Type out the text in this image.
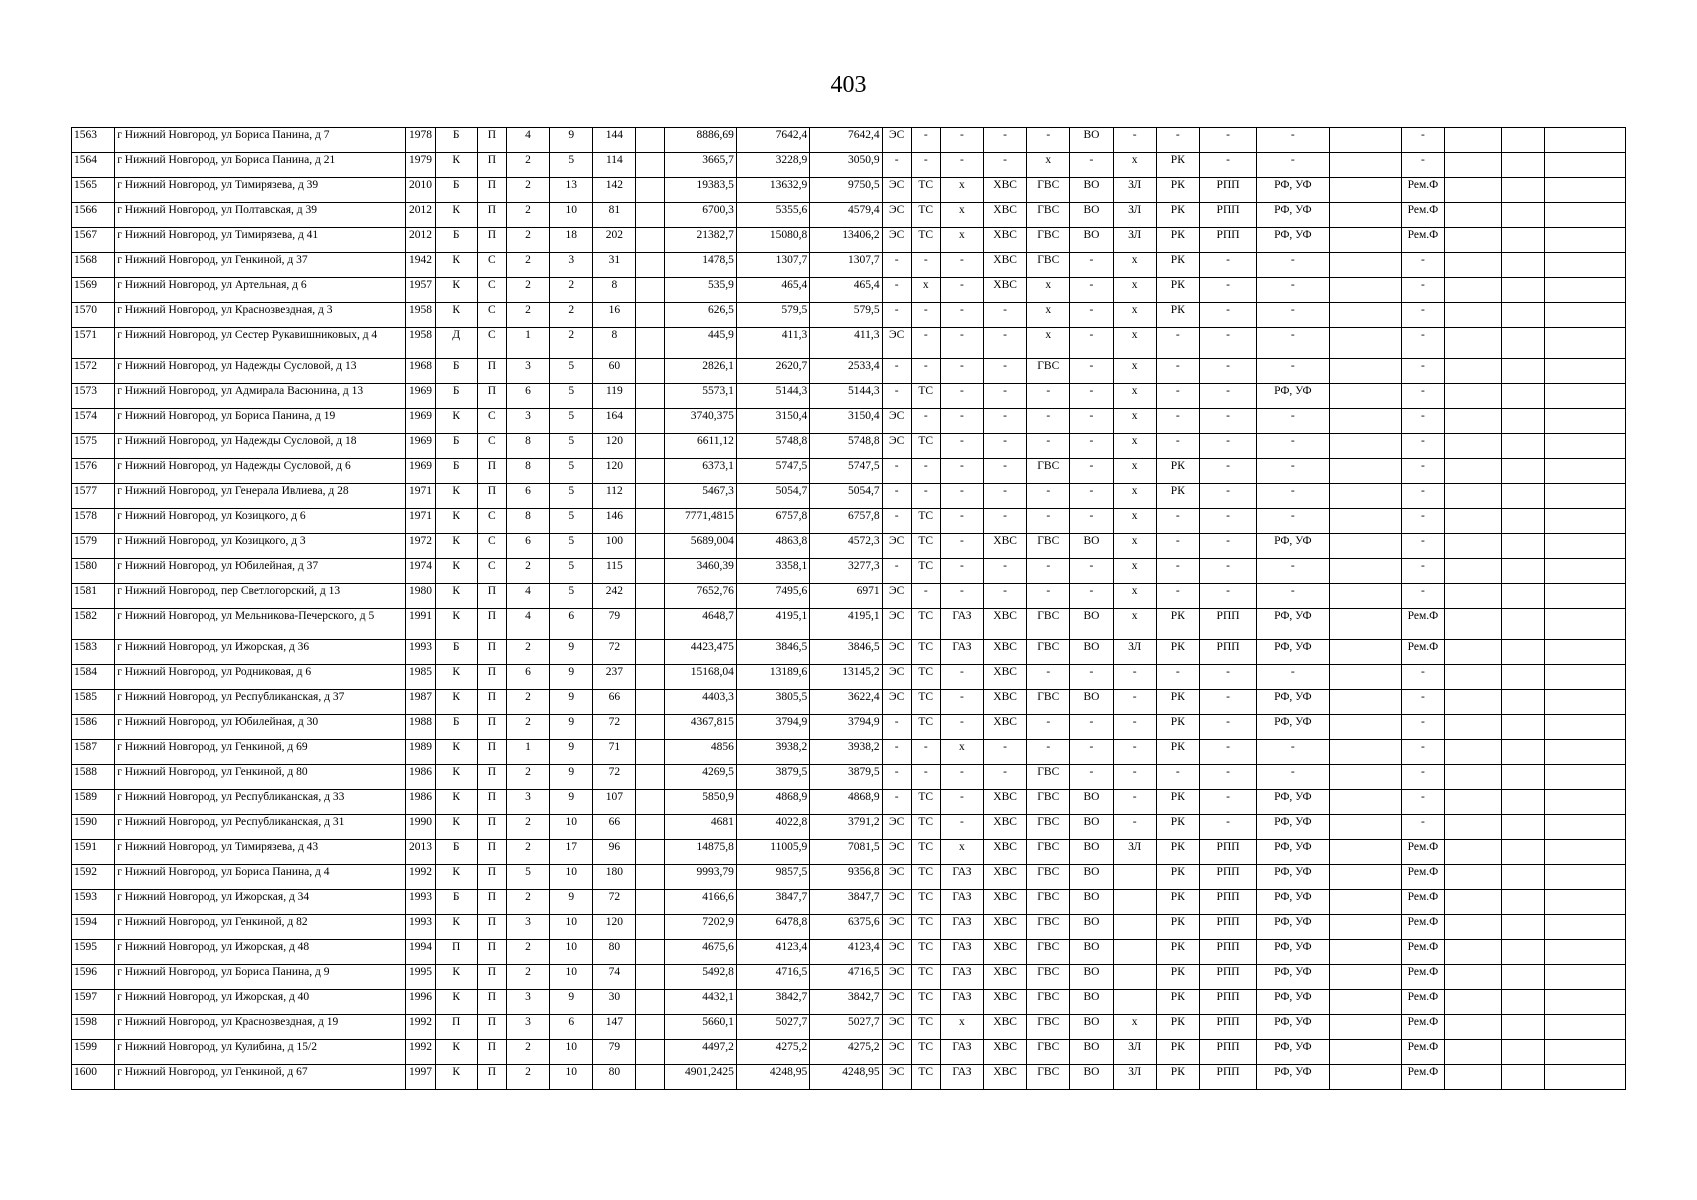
403
1563	г Нижний Новгород, ул Бориса Панина, д 7	1978	Б	П	4	9	144		8886,69	7642,4	7642,4	ЭС	-	-	-	-	ВО	-	-	-	-		-			
1564	г Нижний Новгород, ул Бориса Панина, д 21	1979	К	П	2	5	114		3665,7	3228,9	3050,9	-	-	-	-	х	-	х	РК	-	-		-			
1565	г Нижний Новгород, ул Тимирязева, д 39	2010	Б	П	2	13	142		19383,5	13632,9	9750,5	ЭС	ТС	х	ХВС	ГВС	ВО	ЗЛ	РК	РПП	РФ, УФ		Рем.Ф			
1566	г Нижний Новгород, ул Полтавская, д 39	2012	К	П	2	10	81		6700,3	5355,6	4579,4	ЭС	ТС	х	ХВС	ГВС	ВО	ЗЛ	РК	РПП	РФ, УФ		Рем.Ф			
1567	г Нижний Новгород, ул Тимирязева, д 41	2012	Б	П	2	18	202		21382,7	15080,8	13406,2	ЭС	ТС	х	ХВС	ГВС	ВО	ЗЛ	РК	РПП	РФ, УФ		Рем.Ф			
1568	г Нижний Новгород, ул Генкиной, д 37	1942	К	С	2	3	31		1478,5	1307,7	1307,7	-	-	-	ХВС	ГВС	-	х	РК	-	-		-			
1569	г Нижний Новгород, ул Артельная, д 6	1957	К	С	2	2	8		535,9	465,4	465,4	-	х	-	ХВС	х	-	х	РК	-	-		-			
1570	г Нижний Новгород, ул Краснозвездная, д 3	1958	К	С	2	2	16		626,5	579,5	579,5	-	-	-	-	х	-	х	РК	-	-		-			
1571	г Нижний Новгород, ул Сестер Рукавишниковых, д 4	1958	Д	С	1	2	8		445,9	411,3	411,3	ЭС	-	-	-	х	-	х	-	-	-		-			
1572	г Нижний Новгород, ул Надежды Сусловой, д 13	1968	Б	П	3	5	60		2826,1	2620,7	2533,4	-	-	-	-	ГВС	-	х	-	-	-		-			
1573	г Нижний Новгород, ул Адмирала Васюнина, д 13	1969	Б	П	6	5	119		5573,1	5144,3	5144,3	-	ТС	-	-	-	-	х	-	-	РФ, УФ		-			
1574	г Нижний Новгород, ул Бориса Панина, д 19	1969	К	С	3	5	164		3740,375	3150,4	3150,4	ЭС	-	-	-	-	-	х	-	-	-		-			
1575	г Нижний Новгород, ул Надежды Сусловой, д 18	1969	Б	С	8	5	120		6611,12	5748,8	5748,8	ЭС	ТС	-	-	-	-	х	-	-	-		-			
1576	г Нижний Новгород, ул Надежды Сусловой, д 6	1969	Б	П	8	5	120		6373,1	5747,5	5747,5	-	-	-	-	ГВС	-	х	РК	-	-		-			
1577	г Нижний Новгород, ул Генерала Ивлиева, д 28	1971	К	П	6	5	112		5467,3	5054,7	5054,7	-	-	-	-	-	-	х	РК	-	-		-			
1578	г Нижний Новгород, ул Козицкого, д 6	1971	К	С	8	5	146		7771,4815	6757,8	6757,8	-	ТС	-	-	-	-	х	-	-	-		-			
1579	г Нижний Новгород, ул Козицкого, д 3	1972	К	С	6	5	100		5689,004	4863,8	4572,3	ЭС	ТС	-	ХВС	ГВС	ВО	х	-	-	РФ, УФ		-			
1580	г Нижний Новгород, ул Юбилейная, д 37	1974	К	С	2	5	115		3460,39	3358,1	3277,3	-	ТС	-	-	-	-	х	-	-	-		-			
1581	г Нижний Новгород, пер Светлогорский, д 13	1980	К	П	4	5	242		7652,76	7495,6	6971	ЭС	-	-	-	-	-	х	-	-	-		-			
1582	г Нижний Новгород, ул Мельникова-Печерского, д 5	1991	К	П	4	6	79		4648,7	4195,1	4195,1	ЭС	ТС	ГАЗ	ХВС	ГВС	ВО	х	РК	РПП	РФ, УФ		Рем.Ф			
1583	г Нижний Новгород, ул Ижорская, д 36	1993	Б	П	2	9	72		4423,475	3846,5	3846,5	ЭС	ТС	ГАЗ	ХВС	ГВС	ВО	ЗЛ	РК	РПП	РФ, УФ		Рем.Ф			
1584	г Нижний Новгород, ул Родниковая, д 6	1985	К	П	6	9	237		15168,04	13189,6	13145,2	ЭС	ТС	-	ХВС	-	-	-	-	-	-		-			
1585	г Нижний Новгород, ул Республиканская, д 37	1987	К	П	2	9	66		4403,3	3805,5	3622,4	ЭС	ТС	-	ХВС	ГВС	ВО	-	РК	-	РФ, УФ		-			
1586	г Нижний Новгород, ул Юбилейная, д 30	1988	Б	П	2	9	72		4367,815	3794,9	3794,9	-	ТС	-	ХВС	-	-	-	РК	-	РФ, УФ		-			
1587	г Нижний Новгород, ул Генкиной, д 69	1989	К	П	1	9	71		4856	3938,2	3938,2	-	-	х	-	-	-	-	РК	-	-		-			
1588	г Нижний Новгород, ул Генкиной, д 80	1986	К	П	2	9	72		4269,5	3879,5	3879,5	-	-	-	-	ГВС	-	-	-	-	-		-			
1589	г Нижний Новгород, ул Республиканская, д 33	1986	К	П	3	9	107		5850,9	4868,9	4868,9	-	ТС	-	ХВС	ГВС	ВО	-	РК	-	РФ, УФ		-			
1590	г Нижний Новгород, ул Республиканская, д 31	1990	К	П	2	10	66		4681	4022,8	3791,2	ЭС	ТС	-	ХВС	ГВС	ВО	-	РК	-	РФ, УФ		-			
1591	г Нижний Новгород, ул Тимирязева, д 43	2013	Б	П	2	17	96		14875,8	11005,9	7081,5	ЭС	ТС	х	ХВС	ГВС	ВО	ЗЛ	РК	РПП	РФ, УФ		Рем.Ф			
1592	г Нижний Новгород, ул Бориса Панина, д 4	1992	К	П	5	10	180		9993,79	9857,5	9356,8	ЭС	ТС	ГАЗ	ХВС	ГВС	ВО		РК	РПП	РФ, УФ		Рем.Ф			
1593	г Нижний Новгород, ул Ижорская, д 34	1993	Б	П	2	9	72		4166,6	3847,7	3847,7	ЭС	ТС	ГАЗ	ХВС	ГВС	ВО		РК	РПП	РФ, УФ		Рем.Ф			
1594	г Нижний Новгород, ул Генкиной, д 82	1993	К	П	3	10	120		7202,9	6478,8	6375,6	ЭС	ТС	ГАЗ	ХВС	ГВС	ВО		РК	РПП	РФ, УФ		Рем.Ф			
1595	г Нижний Новгород, ул Ижорская, д 48	1994	П	П	2	10	80		4675,6	4123,4	4123,4	ЭС	ТС	ГАЗ	ХВС	ГВС	ВО		РК	РПП	РФ, УФ		Рем.Ф			
1596	г Нижний Новгород, ул Бориса Панина, д 9	1995	К	П	2	10	74		5492,8	4716,5	4716,5	ЭС	ТС	ГАЗ	ХВС	ГВС	ВО		РК	РПП	РФ, УФ		Рем.Ф			
1597	г Нижний Новгород, ул Ижорская, д 40	1996	К	П	3	9	30		4432,1	3842,7	3842,7	ЭС	ТС	ГАЗ	ХВС	ГВС	ВО		РК	РПП	РФ, УФ		Рем.Ф			
1598	г Нижний Новгород, ул Краснозвездная, д 19	1992	П	П	3	6	147		5660,1	5027,7	5027,7	ЭС	ТС	х	ХВС	ГВС	ВО	х	РК	РПП	РФ, УФ		Рем.Ф			
1599	г Нижний Новгород, ул Кулибина, д 15/2	1992	К	П	2	10	79		4497,2	4275,2	4275,2	ЭС	ТС	ГАЗ	ХВС	ГВС	ВО	ЗЛ	РК	РПП	РФ, УФ		Рем.Ф			
1600	г Нижний Новгород, ул Генкиной, д 67	1997	К	П	2	10	80		4901,2425	4248,95	4248,95	ЭС	ТС	ГАЗ	ХВС	ГВС	ВО	ЗЛ	РК	РПП	РФ, УФ		Рем.Ф			
